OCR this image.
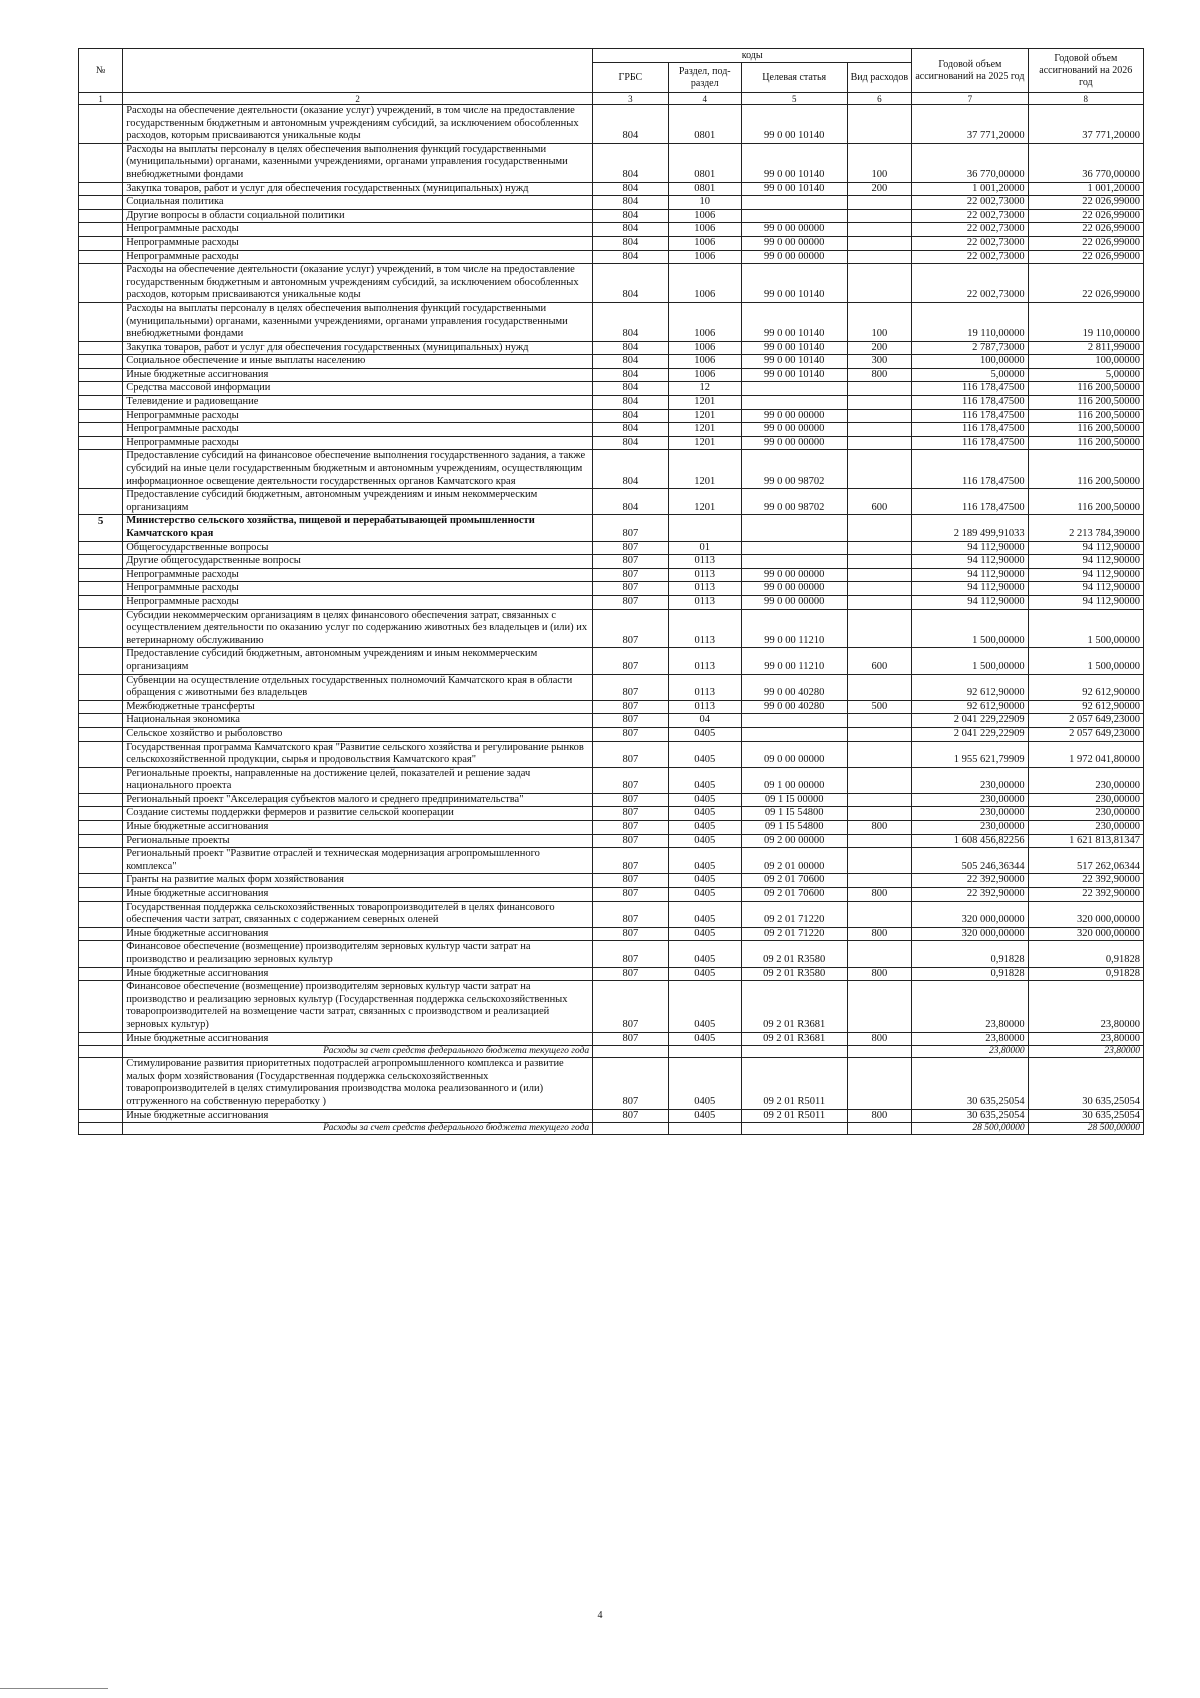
№		коды				Годовой объем ассигнований на 2025 год	Годовой объем ассигнований на 2026 год
		ГРБС	Раздел, под-раздел	Целевая статья	Вид расходов		
1	2	3	4	5	6	7	8
	Расходы на обеспечение деятельности (оказание услуг) учреждений, в том числе на предоставление государственным бюджетным и автономным учреждениям субсидий, за исключением обособленных расходов, которым присваиваются уникальные коды	804	0801	99 0 00 10140		37 771,20000	37 771,20000
	Расходы на выплаты персоналу в целях обеспечения выполнения функций государственными (муниципальными) органами, казенными учреждениями, органами управления государственными внебюджетными фондами	804	0801	99 0 00 10140	100	36 770,00000	36 770,00000
	Закупка товаров, работ и услуг для обеспечения государственных (муниципальных) нужд	804	0801	99 0 00 10140	200	1 001,20000	1 001,20000
	Социальная политика	804	10			22 002,73000	22 026,99000
	Другие вопросы в области социальной политики	804	1006			22 002,73000	22 026,99000
	Непрограммные расходы	804	1006	99 0 00 00000		22 002,73000	22 026,99000
	Непрограммные расходы	804	1006	99 0 00 00000		22 002,73000	22 026,99000
	Непрограммные расходы	804	1006	99 0 00 00000		22 002,73000	22 026,99000
	Расходы на обеспечение деятельности (оказание услуг) учреждений, в том числе на предоставление государственным бюджетным и автономным учреждениям субсидий, за исключением обособленных расходов, которым присваиваются уникальные коды	804	1006	99 0 00 10140		22 002,73000	22 026,99000
	Расходы на выплаты персоналу в целях обеспечения выполнения функций государственными (муниципальными) органами, казенными учреждениями, органами управления государственными внебюджетными фондами	804	1006	99 0 00 10140	100	19 110,00000	19 110,00000
	Закупка товаров, работ и услуг для обеспечения государственных (муниципальных) нужд	804	1006	99 0 00 10140	200	2 787,73000	2 811,99000
	Социальное обеспечение и иные выплаты населению	804	1006	99 0 00 10140	300	100,00000	100,00000
	Иные бюджетные ассигнования	804	1006	99 0 00 10140	800	5,00000	5,00000
	Средства массовой информации	804	12			116 178,47500	116 200,50000
	Телевидение и радиовещание	804	1201			116 178,47500	116 200,50000
	Непрограммные расходы	804	1201	99 0 00 00000		116 178,47500	116 200,50000
	Непрограммные расходы	804	1201	99 0 00 00000		116 178,47500	116 200,50000
	Непрограммные расходы	804	1201	99 0 00 00000		116 178,47500	116 200,50000
	Предоставление субсидий на финансовое обеспечение выполнения государственного задания, а также субсидий на иные цели государственным бюджетным и автономным учреждениям, осуществляющим информационное освещение деятельности государственных органов Камчатского края	804	1201	99 0 00 98702		116 178,47500	116 200,50000
	Предоставление субсидий бюджетным, автономным учреждениям и иным некоммерческим организациям	804	1201	99 0 00 98702	600	116 178,47500	116 200,50000
5	Министерство сельского хозяйства, пищевой и перерабатывающей промышленности Камчатского края	807				2 189 499,91033	2 213 784,39000
	Общегосударственные вопросы	807	01			94 112,90000	94 112,90000
	Другие общегосударственные вопросы	807	0113			94 112,90000	94 112,90000
	Непрограммные расходы	807	0113	99 0 00 00000		94 112,90000	94 112,90000
	Непрограммные расходы	807	0113	99 0 00 00000		94 112,90000	94 112,90000
	Непрограммные расходы	807	0113	99 0 00 00000		94 112,90000	94 112,90000
	Субсидии некоммерческим организациям в целях финансового обеспечения затрат, связанных с осуществлением деятельности по оказанию услуг по содержанию животных без владельцев и (или) их ветеринарному обслуживанию	807	0113	99 0 00 11210		1 500,00000	1 500,00000
	Предоставление субсидий бюджетным, автономным учреждениям и иным некоммерческим организациям	807	0113	99 0 00 11210	600	1 500,00000	1 500,00000
	Субвенции на осуществление отдельных государственных полномочий Камчатского края в области обращения с животными без владельцев	807	0113	99 0 00 40280		92 612,90000	92 612,90000
	Межбюджетные трансферты	807	0113	99 0 00 40280	500	92 612,90000	92 612,90000
	Национальная экономика	807	04			2 041 229,22909	2 057 649,23000
	Сельское хозяйство и рыболовство	807	0405			2 041 229,22909	2 057 649,23000
	Государственная программа Камчатского края "Развитие сельского хозяйства и регулирование рынков сельскохозяйственной продукции, сырья и продовольствия Камчатского края"	807	0405	09 0 00 00000		1 955 621,79909	1 972 041,80000
	Региональные проекты, направленные на достижение целей, показателей и решение задач национального проекта	807	0405	09 1 00 00000		230,00000	230,00000
	Региональный проект "Акселерация субъектов малого и среднего предпринимательства"	807	0405	09 1 I5 00000		230,00000	230,00000
	Создание системы поддержки фермеров и развитие сельской кооперации	807	0405	09 1 I5 54800		230,00000	230,00000
	Иные бюджетные ассигнования	807	0405	09 1 I5 54800	800	230,00000	230,00000
	Региональные проекты	807	0405	09 2 00 00000		1 608 456,82256	1 621 813,81347
	Региональный проект "Развитие отраслей и техническая модернизация агропромышленного комплекса"	807	0405	09 2 01 00000		505 246,36344	517 262,06344
	Гранты на развитие малых форм хозяйствования	807	0405	09 2 01 70600		22 392,90000	22 392,90000
	Иные бюджетные ассигнования	807	0405	09 2 01 70600	800	22 392,90000	22 392,90000
	Государственная поддержка сельскохозяйственных товаропроизводителей в целях финансового обеспечения части затрат, связанных с содержанием северных оленей	807	0405	09 2 01 71220		320 000,00000	320 000,00000
	Иные бюджетные ассигнования	807	0405	09 2 01 71220	800	320 000,00000	320 000,00000
	Финансовое обеспечение (возмещение) производителям зерновых культур части затрат на производство и реализацию зерновых культур	807	0405	09 2 01 R3580		0,91828	0,91828
	Иные бюджетные ассигнования	807	0405	09 2 01 R3580	800	0,91828	0,91828
	Финансовое обеспечение (возмещение) производителям зерновых культур части затрат на производство и реализацию зерновых культур (Государственная поддержка сельскохозяйственных товаропроизводителей на возмещение части затрат, связанных с производством и реализацией зерновых культур)	807	0405	09 2 01 R3681		23,80000	23,80000
	Иные бюджетные ассигнования	807	0405	09 2 01 R3681	800	23,80000	23,80000
	Расходы за счет средств федерального бюджета текущего года					23,80000	23,80000
	Стимулирование развития приоритетных подотраслей агропромышленного комплекса и развитие малых форм хозяйствования (Государственная поддержка сельскохозяйственных товаропроизводителей в целях стимулирования производства молока реализованного и (или) отгруженного на собственную переработку )	807	0405	09 2 01 R5011		30 635,25054	30 635,25054
	Иные бюджетные ассигнования	807	0405	09 2 01 R5011	800	30 635,25054	30 635,25054
	Расходы за счет средств федерального бюджета текущего года					28 500,00000	28 500,00000
4
